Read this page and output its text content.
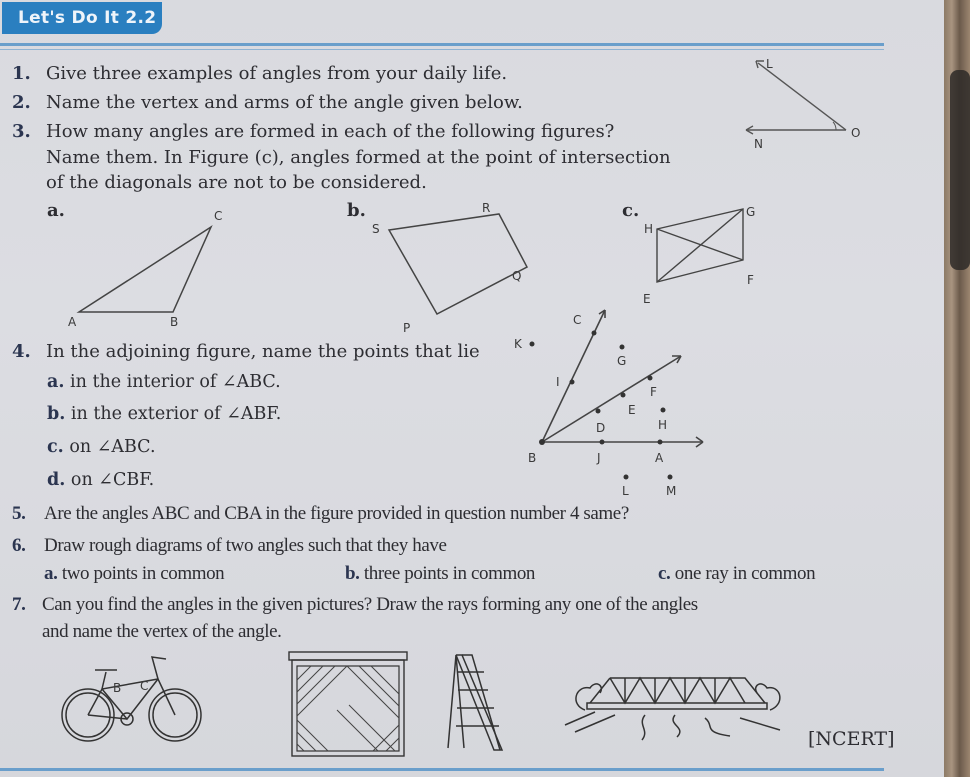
Let's Do It 2.2
1. Give three examples of angles from your daily life.
2. Name the vertex and arms of the angle given below.
3. How many angles are formed in each of the following figures?
Name them. In Figure (c), angles formed at the point of intersection
of the diagonals are not to be considered.
L
N
O
a.
A	B
C	b.
S
R
Q
P
c.
H
G
F
E
4. In the adjoining figure, name the points that lie
a. in the interior of ∠ABC.
b. in the exterior of ∠ABF.
c. on ∠ABC.
d. on ∠CBF.
C
K
G
I
F
E
H
D
B	J	A
L	M
5. Are the angles ABC and CBA in the figure provided in question number 4 same?
6. Draw rough diagrams of two angles such that they have
a. two points in common	b. three points in common	c. one ray in common
7. Can you find the angles in the given pictures? Draw the rays forming any one of the angles
and name the vertex of the angle.
B C
[NCERT]
